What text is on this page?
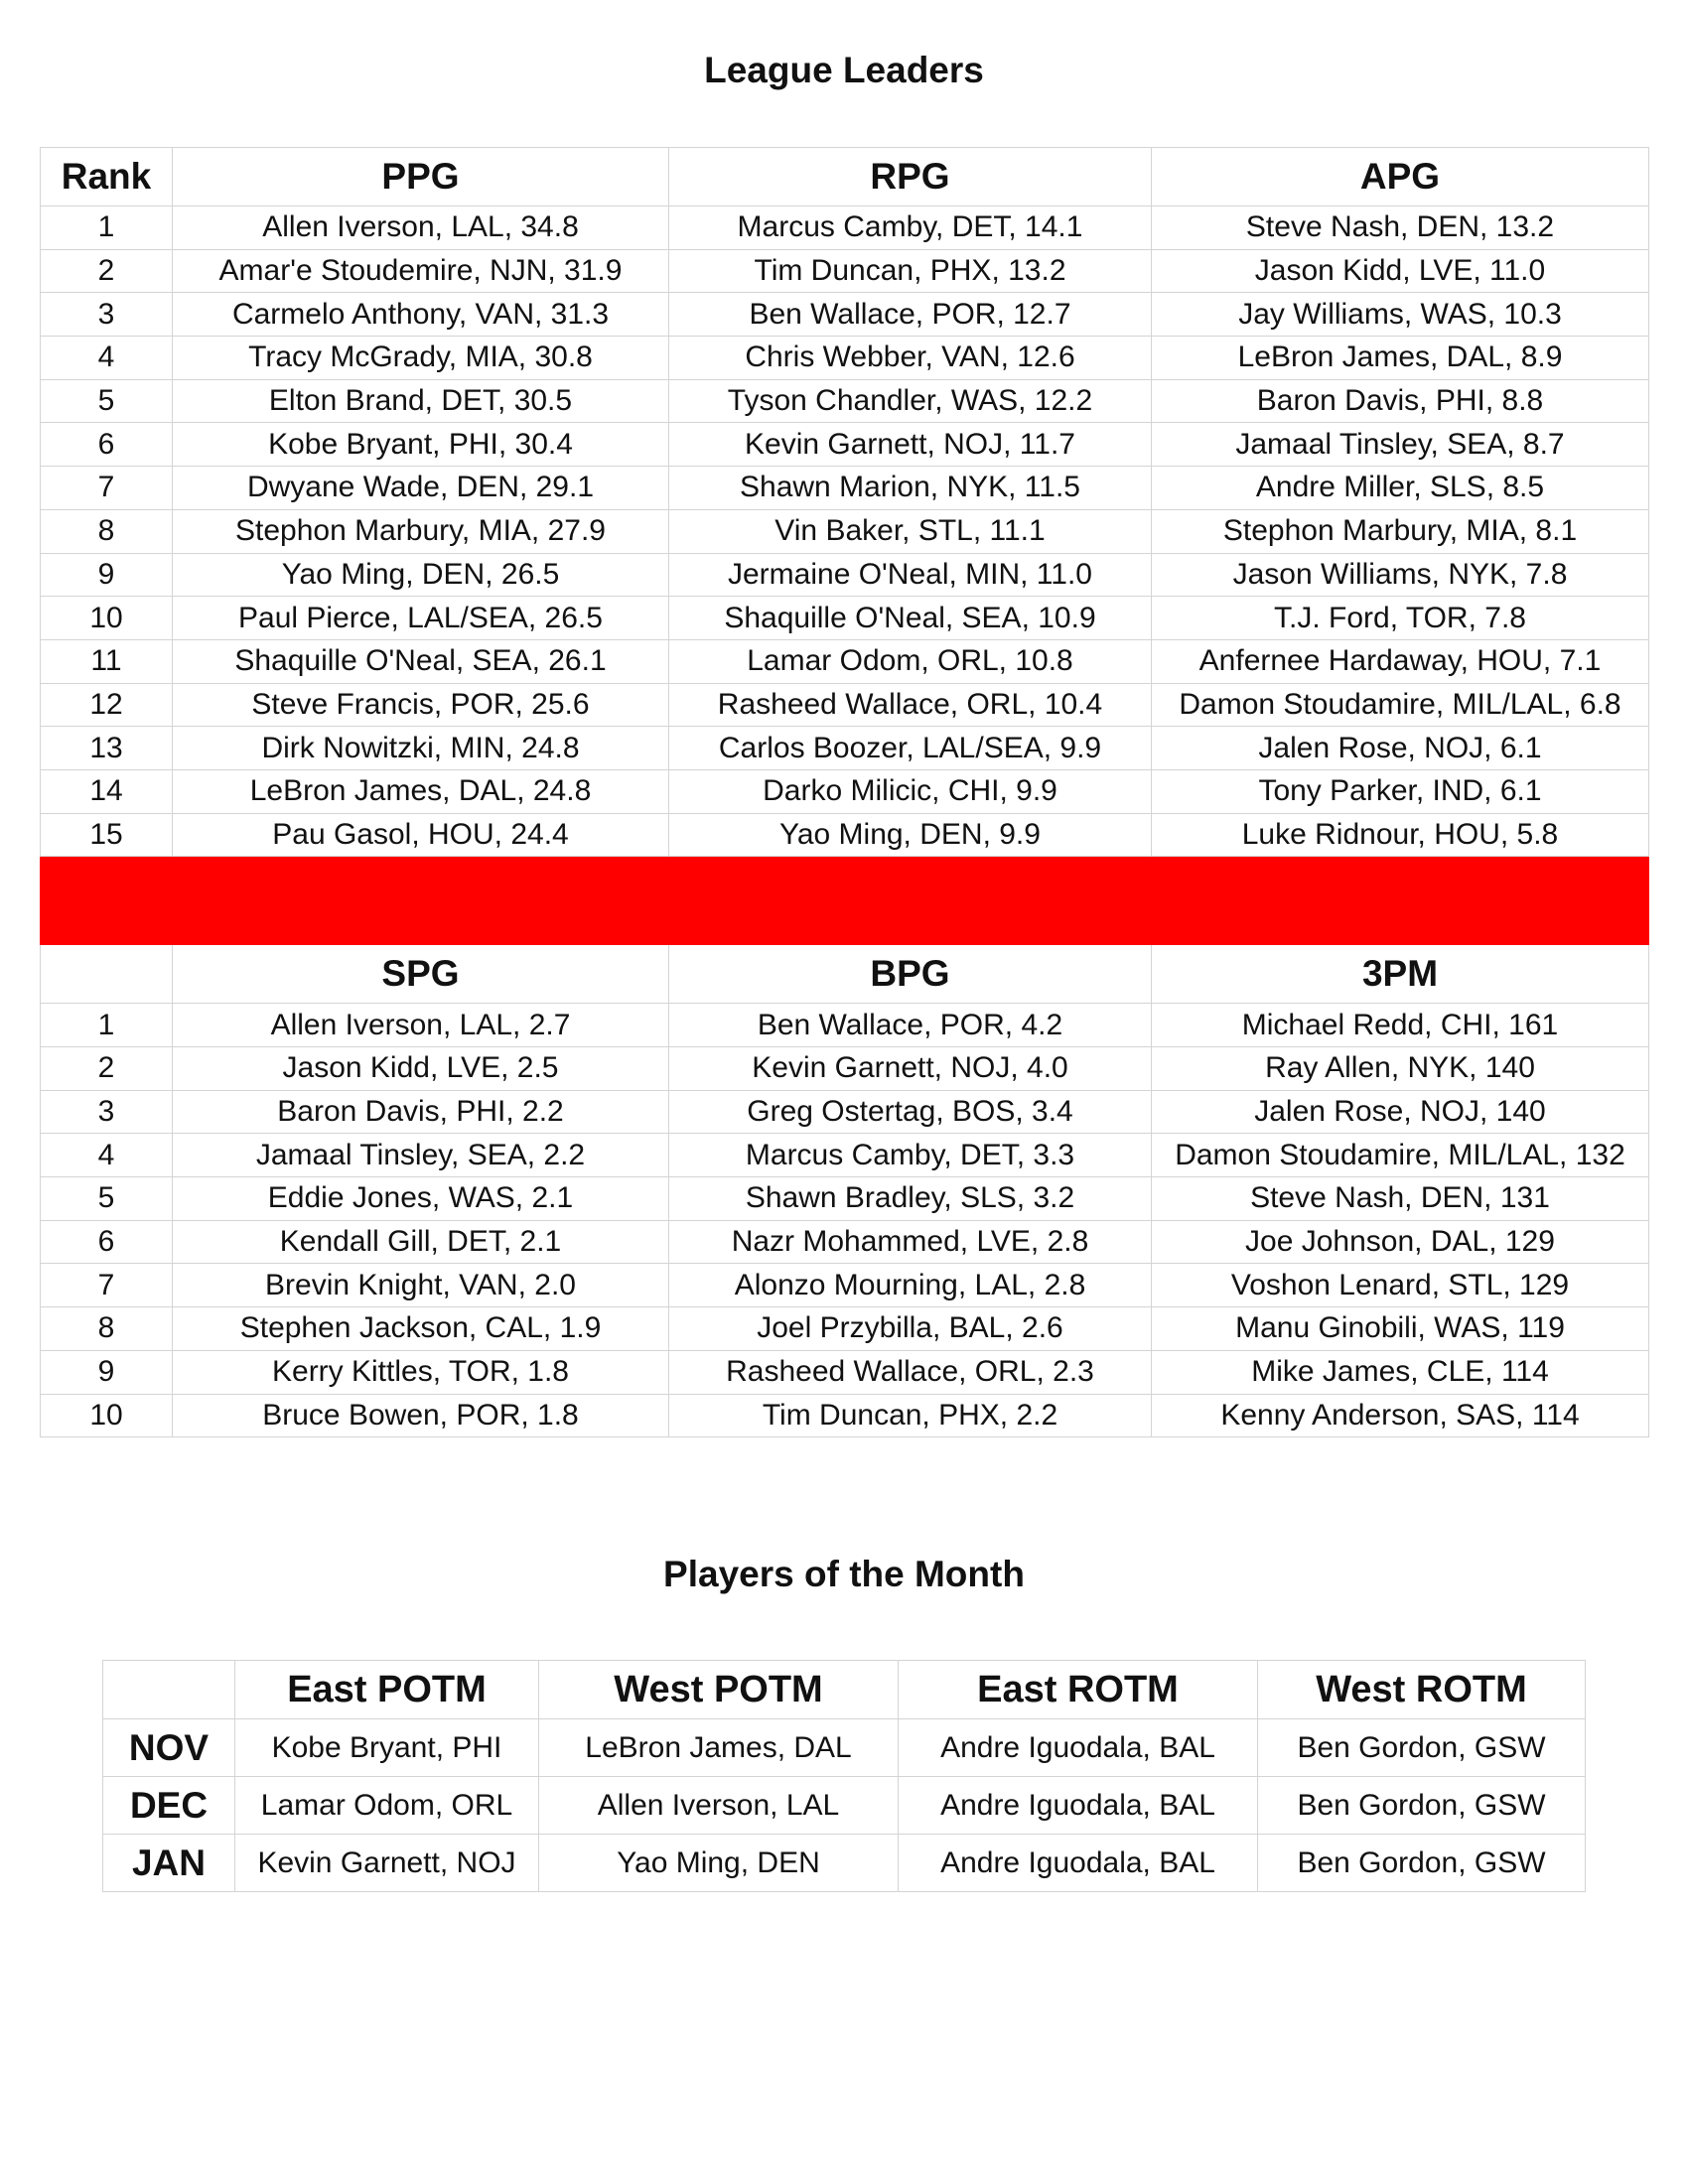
League Leaders
Rank	PPG	RPG	APG
1	Allen Iverson, LAL, 34.8	Marcus Camby, DET, 14.1	Steve Nash, DEN, 13.2
2	Amar'e Stoudemire, NJN, 31.9	Tim Duncan, PHX, 13.2	Jason Kidd, LVE, 11.0
3	Carmelo Anthony, VAN, 31.3	Ben Wallace, POR, 12.7	Jay Williams, WAS, 10.3
4	Tracy McGrady, MIA, 30.8	Chris Webber, VAN, 12.6	LeBron James, DAL, 8.9
5	Elton Brand, DET, 30.5	Tyson Chandler, WAS, 12.2	Baron Davis, PHI, 8.8
6	Kobe Bryant, PHI, 30.4	Kevin Garnett, NOJ, 11.7	Jamaal Tinsley, SEA, 8.7
7	Dwyane Wade, DEN, 29.1	Shawn Marion, NYK, 11.5	Andre Miller, SLS, 8.5
8	Stephon Marbury, MIA, 27.9	Vin Baker, STL, 11.1	Stephon Marbury, MIA, 8.1
9	Yao Ming, DEN, 26.5	Jermaine O'Neal, MIN, 11.0	Jason Williams, NYK, 7.8
10	Paul Pierce, LAL/SEA, 26.5	Shaquille O'Neal, SEA, 10.9	T.J. Ford, TOR, 7.8
11	Shaquille O'Neal, SEA, 26.1	Lamar Odom, ORL, 10.8	Anfernee Hardaway, HOU, 7.1
12	Steve Francis, POR, 25.6	Rasheed Wallace, ORL, 10.4	Damon Stoudamire, MIL/LAL, 6.8
13	Dirk Nowitzki, MIN, 24.8	Carlos Boozer, LAL/SEA, 9.9	Jalen Rose, NOJ, 6.1
14	LeBron James, DAL, 24.8	Darko Milicic, CHI, 9.9	Tony Parker, IND, 6.1
15	Pau Gasol, HOU, 24.4	Yao Ming, DEN, 9.9	Luke Ridnour, HOU, 5.8

	SPG	BPG	3PM
1	Allen Iverson, LAL, 2.7	Ben Wallace, POR, 4.2	Michael Redd, CHI, 161
2	Jason Kidd, LVE, 2.5	Kevin Garnett, NOJ, 4.0	Ray Allen, NYK, 140
3	Baron Davis, PHI, 2.2	Greg Ostertag, BOS, 3.4	Jalen Rose, NOJ, 140
4	Jamaal Tinsley, SEA, 2.2	Marcus Camby, DET, 3.3	Damon Stoudamire, MIL/LAL, 132
5	Eddie Jones, WAS, 2.1	Shawn Bradley, SLS, 3.2	Steve Nash, DEN, 131
6	Kendall Gill, DET, 2.1	Nazr Mohammed, LVE, 2.8	Joe Johnson, DAL, 129
7	Brevin Knight, VAN, 2.0	Alonzo Mourning, LAL, 2.8	Voshon Lenard, STL, 129
8	Stephen Jackson, CAL, 1.9	Joel Przybilla, BAL, 2.6	Manu Ginobili, WAS, 119
9	Kerry Kittles, TOR, 1.8	Rasheed Wallace, ORL, 2.3	Mike James, CLE, 114
10	Bruce Bowen, POR, 1.8	Tim Duncan, PHX, 2.2	Kenny Anderson, SAS, 114
Players of the Month
	East POTM	West POTM	East ROTM	West ROTM
NOV	Kobe Bryant, PHI	LeBron James, DAL	Andre Iguodala, BAL	Ben Gordon, GSW
DEC	Lamar Odom, ORL	Allen Iverson, LAL	Andre Iguodala, BAL	Ben Gordon, GSW
JAN	Kevin Garnett, NOJ	Yao Ming, DEN	Andre Iguodala, BAL	Ben Gordon, GSW
